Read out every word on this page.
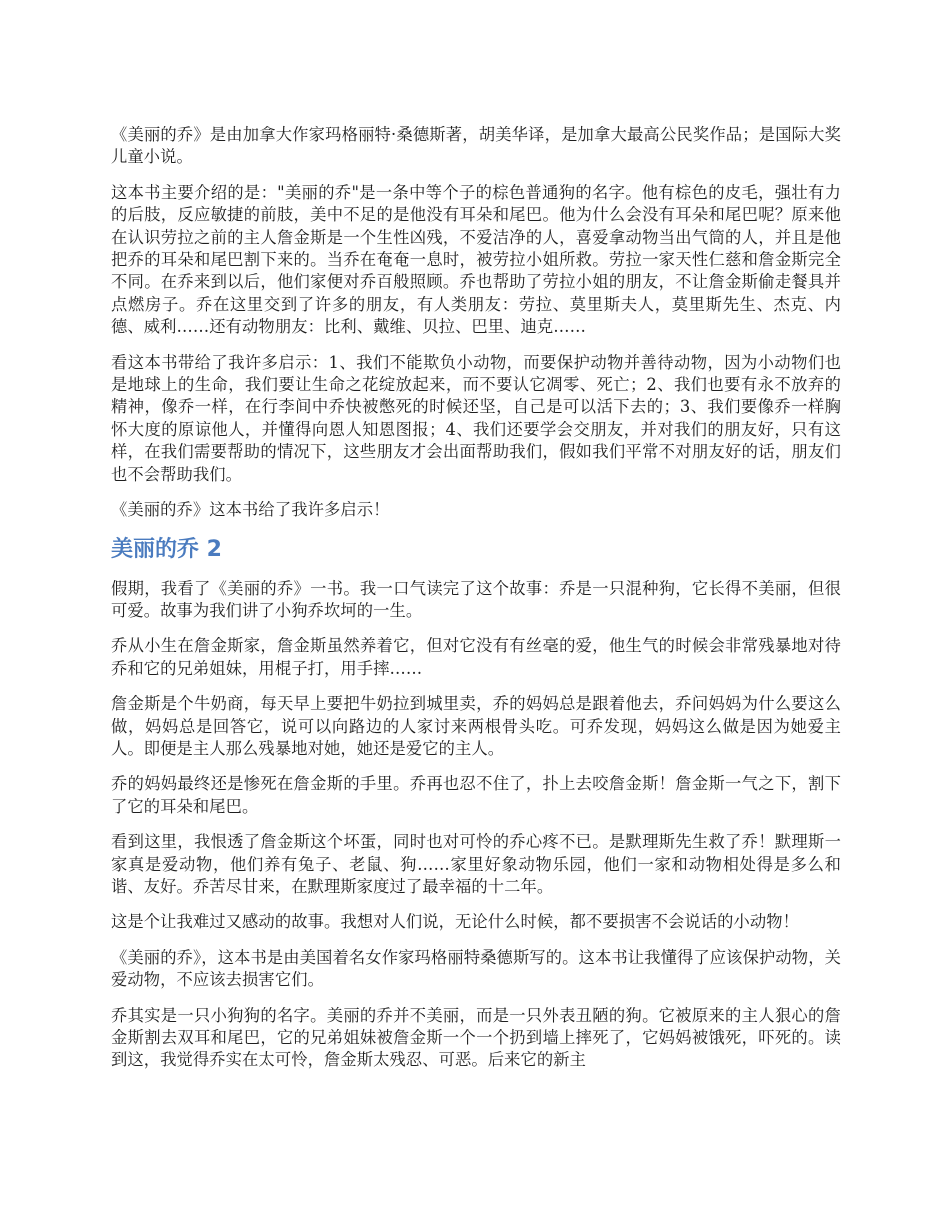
《美丽的乔》是由加拿大作家玛格丽特·桑德斯著，胡美华译，是加拿大最高公民奖作品；是国际大奖儿童小说。

这本书主要介绍的是："美丽的乔"是一条中等个子的棕色普通狗的名字。他有棕色的皮毛，强壮有力的后肢，反应敏捷的前肢，美中不足的是他没有耳朵和尾巴。他为什么会没有耳朵和尾巴呢？原来他在认识劳拉之前的主人詹金斯是一个生性凶残，不爱洁净的人，喜爱拿动物当出气筒的人，并且是他把乔的耳朵和尾巴割下来的。当乔在奄奄一息时，被劳拉小姐所救。劳拉一家天性仁慈和詹金斯完全不同。在乔来到以后，他们家便对乔百般照顾。乔也帮助了劳拉小姐的朋友，不让詹金斯偷走餐具并点燃房子。乔在这里交到了许多的朋友，有人类朋友：劳拉、莫里斯夫人，莫里斯先生、杰克、内德、威利……还有动物朋友：比利、戴维、贝拉、巴里、迪克……

看这本书带给了我许多启示：1、我们不能欺负小动物，而要保护动物并善待动物，因为小动物们也是地球上的生命，我们要让生命之花绽放起来，而不要认它凋零、死亡；2、我们也要有永不放弃的精神，像乔一样，在行李间中乔快被憋死的时候还坚，自己是可以活下去的；3、我们要像乔一样胸怀大度的原谅他人，并懂得向恩人知恩图报；4、我们还要学会交朋友，并对我们的朋友好，只有这样，在我们需要帮助的情况下，这些朋友才会出面帮助我们，假如我们平常不对朋友好的话，朋友们也不会帮助我们。

《美丽的乔》这本书给了我许多启示！

美丽的乔 2

假期，我看了《美丽的乔》一书。我一口气读完了这个故事：乔是一只混种狗，它长得不美丽，但很可爱。故事为我们讲了小狗乔坎坷的一生。

乔从小生在詹金斯家，詹金斯虽然养着它，但对它没有有丝毫的爱，他生气的时候会非常残暴地对待乔和它的兄弟姐妹，用棍子打，用手摔……

詹金斯是个牛奶商，每天早上要把牛奶拉到城里卖，乔的妈妈总是跟着他去，乔问妈妈为什么要这么做，妈妈总是回答它，说可以向路边的人家讨来两根骨头吃。可乔发现，妈妈这么做是因为她爱主人。即便是主人那么残暴地对她，她还是爱它的主人。

乔的妈妈最终还是惨死在詹金斯的手里。乔再也忍不住了，扑上去咬詹金斯！詹金斯一气之下，割下了它的耳朵和尾巴。

看到这里，我恨透了詹金斯这个坏蛋，同时也对可怜的乔心疼不已。是默理斯先生救了乔！默理斯一家真是爱动物，他们养有兔子、老鼠、狗……家里好象动物乐园，他们一家和动物相处得是多么和谐、友好。乔苦尽甘来，在默理斯家度过了最幸福的十二年。

这是个让我难过又感动的故事。我想对人们说，无论什么时候，都不要损害不会说话的小动物！

《美丽的乔》，这本书是由美国着名女作家玛格丽特桑德斯写的。这本书让我懂得了应该保护动物，关爱动物，不应该去损害它们。

乔其实是一只小狗狗的名字。美丽的乔并不美丽，而是一只外表丑陋的狗。它被原来的主人狠心的詹金斯割去双耳和尾巴，它的兄弟姐妹被詹金斯一个一个扔到墙上摔死了，它妈妈被饿死，吓死的。读到这，我觉得乔实在太可怜，詹金斯太残忍、可恶。后来它的新主
